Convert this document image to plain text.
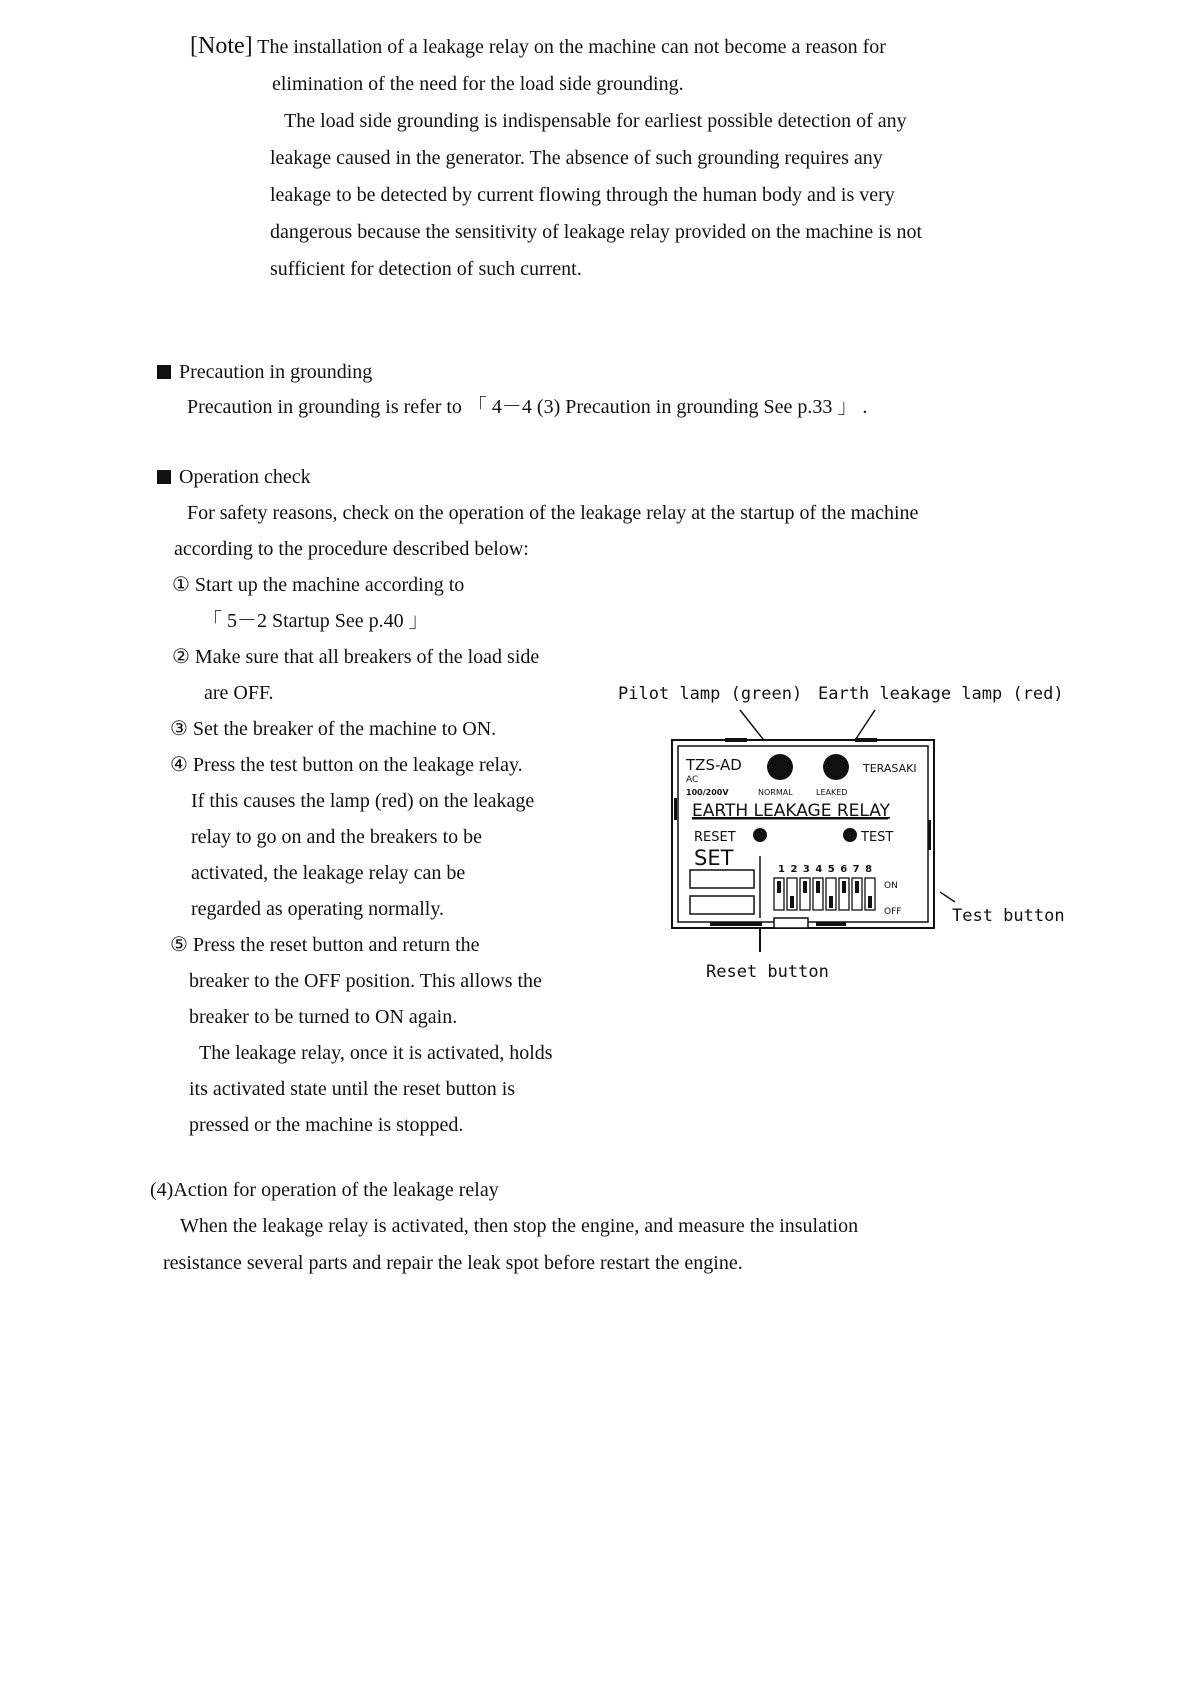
[Note] The installation of a leakage relay on the machine can not become a reason for
elimination of the need for the load side grounding.
The load side grounding is indispensable for earliest possible detection of any
leakage caused in the generator. The absence of such grounding requires any
leakage to be detected by current flowing through the human body and is very
dangerous because the sensitivity of leakage relay provided on the machine is not
sufficient for detection of such current.
Precaution in grounding
Precaution in grounding is refer to 「 4－4 (3) Precaution in grounding See p.33 」 .
Operation check
For safety reasons, check on the operation of the leakage relay at the startup of the machine
according to the procedure described below:
① Start up the machine according to
「 5－2 Startup See p.40 」
② Make sure that all breakers of the load side
are OFF.
③ Set the breaker of the machine to ON.
④ Press the test button on the leakage relay.
If this causes the lamp (red) on the leakage
relay to go on and the breakers to be
activated, the leakage relay can be
regarded as operating normally.
⑤ Press the reset button and return the
breaker to the OFF position. This allows the
breaker to be turned to ON again.
The leakage relay, once it is activated, holds
its activated state until the reset button is
pressed or the machine is stopped.
Pilot lamp (green) Earth leakage lamp (red)
TZS-AD
AC
100/200V	NORMAL	LEAKED
TERASAKI
EARTH LEAKAGE RELAY
RESET	TEST
SET	1 2 3 4 5 6 7 8
ON
OFF	Test button
Reset button
(4)Action for operation of the leakage relay
When the leakage relay is activated, then stop the engine, and measure the insulation
resistance several parts and repair the leak spot before restart the engine.
